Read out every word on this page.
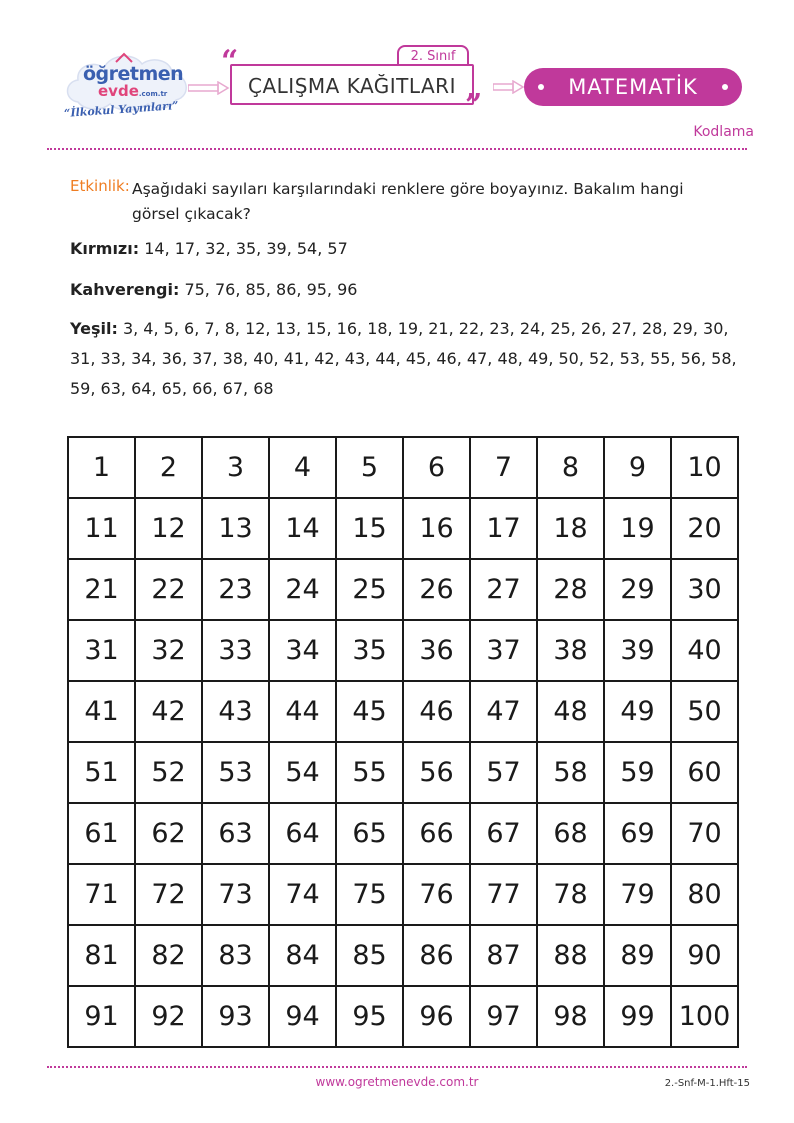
öğretmen
evde.com.tr
“İlkokul Yayınları”
2. Sınıf
ÇALIŞMA KAĞITLARI
“
”
MATEMATİK
Kodlama
Etkinlik: Aşağıdaki sayıları karşılarındaki renklere göre boyayınız. Bakalım hangi görsel çıkacak?
Kırmızı: 14, 17, 32, 35, 39, 54, 57
Kahverengi: 75, 76, 85, 86, 95, 96
Yeşil: 3, 4, 5, 6, 7, 8, 12, 13, 15, 16, 18, 19, 21, 22, 23, 24, 25, 26, 27, 28, 29, 30, 31, 33, 34, 36, 37, 38, 40, 41, 42, 43, 44, 45, 46, 47, 48, 49, 50, 52, 53, 55, 56, 58, 59, 63, 64, 65, 66, 67, 68
1	2	3	4	5	6	7	8	9	10
11	12	13	14	15	16	17	18	19	20
21	22	23	24	25	26	27	28	29	30
31	32	33	34	35	36	37	38	39	40
41	42	43	44	45	46	47	48	49	50
51	52	53	54	55	56	57	58	59	60
61	62	63	64	65	66	67	68	69	70
71	72	73	74	75	76	77	78	79	80
81	82	83	84	85	86	87	88	89	90
91	92	93	94	95	96	97	98	99	100
www.ogretmenevde.com.tr	2.-Snf-M-1.Hft-15
